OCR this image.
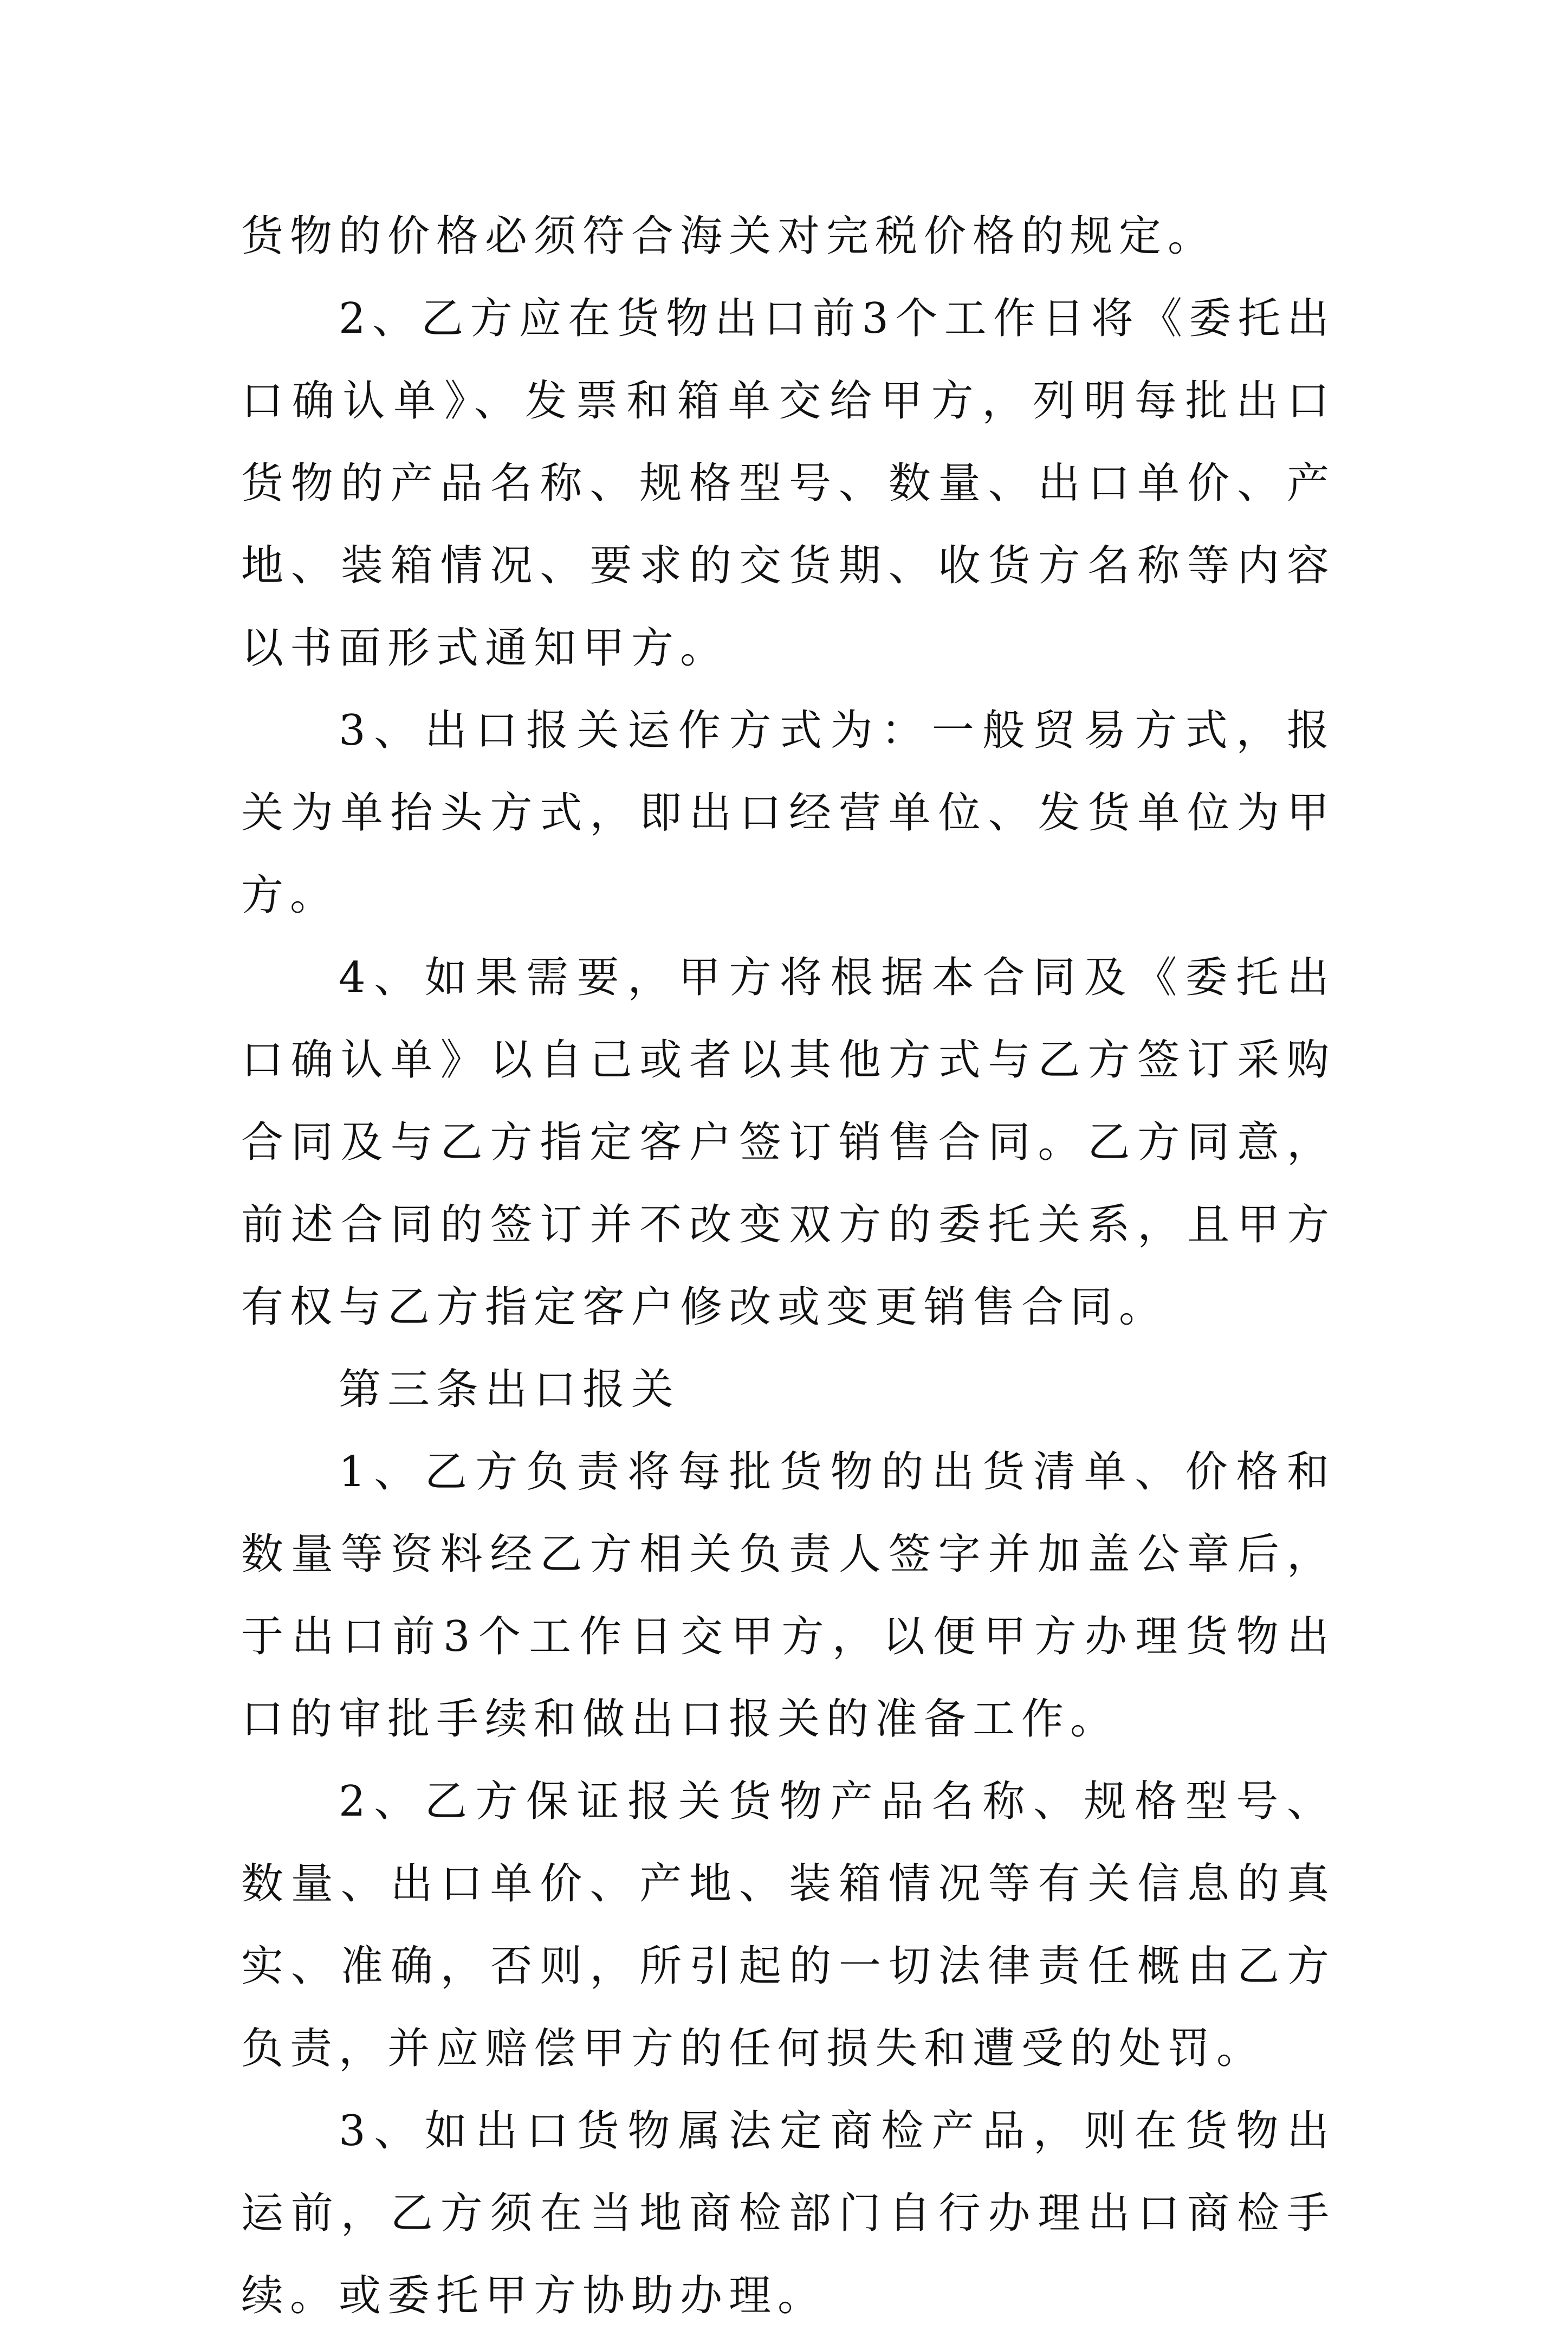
货物的价格必须符合海关对完税价格的规定。

2、乙方应在货物出口前3个工作日将《委托出口确认单》、发票和箱单交给甲方，列明每批出口货物的产品名称、规格型号、数量、出口单价、产地、装箱情况、要求的交货期、收货方名称等内容以书面形式通知甲方。

3、出口报关运作方式为：一般贸易方式，报关为单抬头方式，即出口经营单位、发货单位为甲方。

4、如果需要，甲方将根据本合同及《委托出口确认单》以自己或者以其他方式与乙方签订采购合同及与乙方指定客户签订销售合同。乙方同意，前述合同的签订并不改变双方的委托关系，且甲方有权与乙方指定客户修改或变更销售合同。

第三条出口报关

1、乙方负责将每批货物的出货清单、价格和数量等资料经乙方相关负责人签字并加盖公章后，于出口前3个工作日交甲方，以便甲方办理货物出口的审批手续和做出口报关的准备工作。

2、乙方保证报关货物产品名称、规格型号、数量、出口单价、产地、装箱情况等有关信息的真实、准确，否则，所引起的一切法律责任概由乙方负责，并应赔偿甲方的任何损失和遭受的处罚。

3、如出口货物属法定商检产品，则在货物出运前，乙方须在当地商检部门自行办理出口商检手续。或委托甲方协助办理。
